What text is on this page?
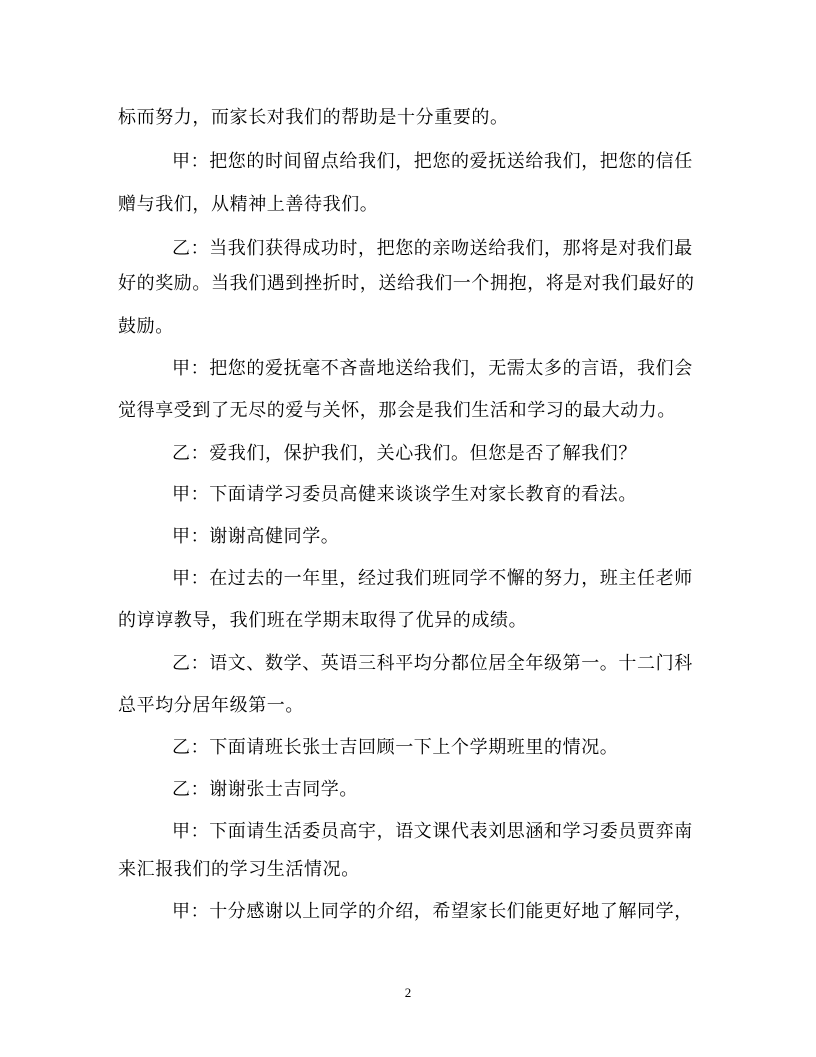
标而努力，而家长对我们的帮助是十分重要的。
甲：把您的时间留点给我们，把您的爱抚送给我们，把您的信任
赠与我们，从精神上善待我们。
乙：当我们获得成功时，把您的亲吻送给我们，那将是对我们最
好的奖励。当我们遇到挫折时，送给我们一个拥抱，将是对我们最好的
鼓励。
甲：把您的爱抚毫不吝啬地送给我们，无需太多的言语，我们会
觉得享受到了无尽的爱与关怀，那会是我们生活和学习的最大动力。
乙：爱我们，保护我们，关心我们。但您是否了解我们？
甲：下面请学习委员高健来谈谈学生对家长教育的看法。
甲：谢谢高健同学。
甲：在过去的一年里，经过我们班同学不懈的努力，班主任老师
的谆谆教导，我们班在学期末取得了优异的成绩。
乙：语文、数学、英语三科平均分都位居全年级第一。十二门科
总平均分居年级第一。
乙：下面请班长张士吉回顾一下上个学期班里的情况。
乙：谢谢张士吉同学。
甲：下面请生活委员高宇，语文课代表刘思涵和学习委员贾弈南
来汇报我们的学习生活情况。
甲：十分感谢以上同学的介绍，希望家长们能更好地了解同学，
2
